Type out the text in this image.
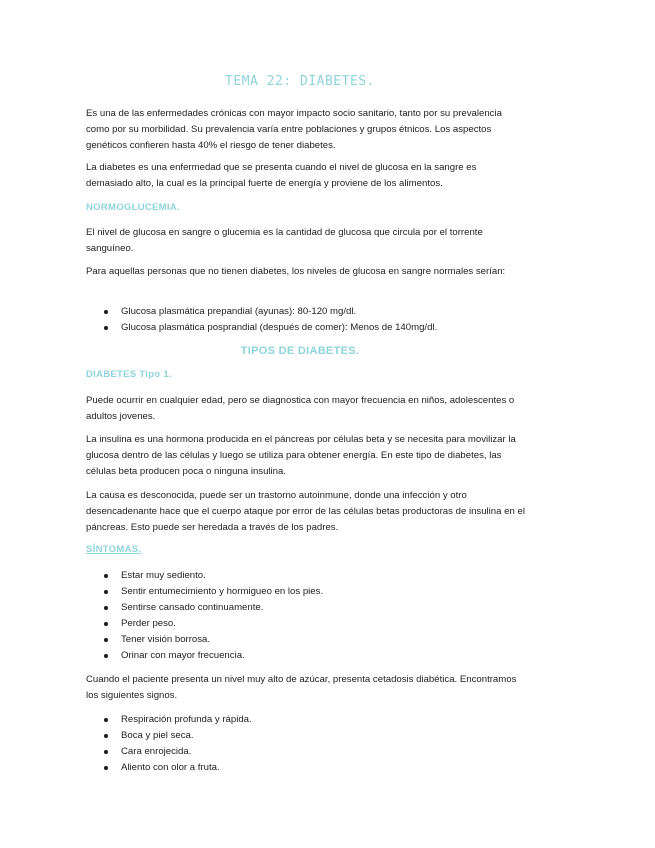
TEMA 22: DIABETES.

Es una de las enfermedades crónicas con mayor impacto socio sanitario, tanto por su prevalencia como por su morbilidad. Su prevalencia varía entre poblaciones y grupos étnicos. Los aspectos genéticos confieren hasta 40% el riesgo de tener diabetes.

La diabetes es una enfermedad que se presenta cuando el nivel de glucosa en la sangre es demasiado alto, la cual es la principal fuerte de energía y proviene de los alimentos.

NORMOGLUCEMIA.

El nivel de glucosa en sangre o glucemia es la cantidad de glucosa que circula por el torrente sanguíneo.

Para aquellas personas que no tienen diabetes, los niveles de glucosa en sangre normales serían:

Glucosa plasmática prepandial (ayunas): 80-120 mg/dl.
Glucosa plasmática posprandial (después de comer): Menos de 140mg/dl.
TIPOS DE DIABETES.
DIABETES Tipo 1.

Puede ocurrir en cualquier edad, pero se diagnostica con mayor frecuencia en niños, adolescentes o adultos jovenes.

La insulina es una hormona producida en el páncreas por células beta y se necesita para movilizar la glucosa dentro de las células y luego se utiliza para obtener energía. En este tipo de diabetes, las células beta producen poca o ninguna insulina.

La causa es desconocida, puede ser un trastorno autoinmune, donde una infección y otro desencadenante hace que el cuerpo ataque por error de las células betas productoras de insulina en el páncreas. Esto puede ser heredada a través de los padres.

SÍNTOMAS.
Estar muy sediento.
Sentir entumecimiento y hormigueo en los pies.
Sentirse cansado continuamente.
Perder peso.
Tener visión borrosa.
Orinar con mayor frecuencia.

Cuando el paciente presenta un nivel muy alto de azúcar, presenta cetadosis diabética. Encontramos los siguientes signos.

Respiración profunda y rápida.
Boca y piel seca.
Cara enrojecida.
Aliento con olor a fruta.
